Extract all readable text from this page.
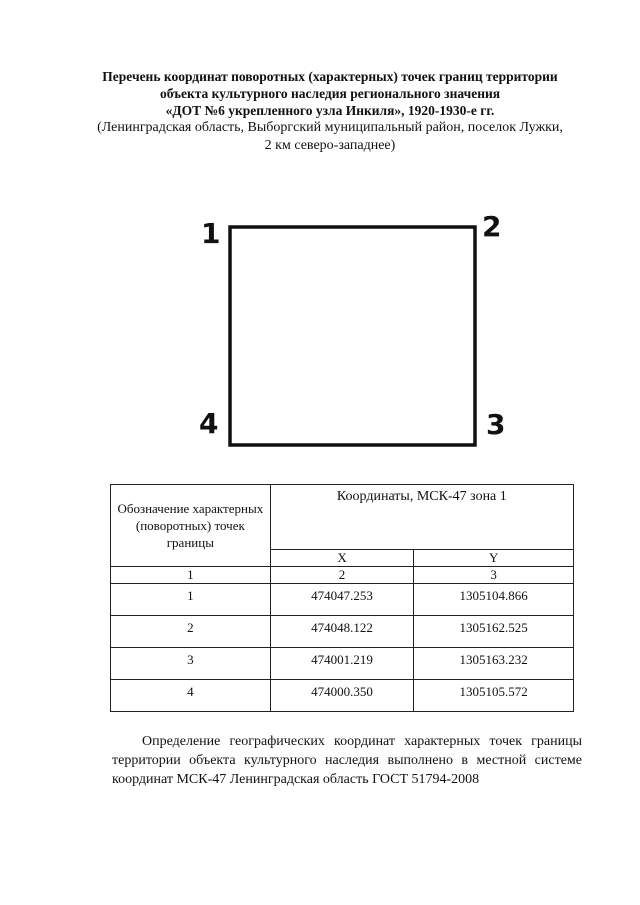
Перечень координат поворотных (характерных) точек границ территории
объекта культурного наследия регионального значения
«ДОТ №6 укрепленного узла Инкиля», 1920-1930-е гг.
(Ленинградская область, Выборгский муниципальный район, поселок Лужки,
2 км северо-западнее)
1	2
3
4
Обозначение характерных (поворотных) точек границы	Координаты, МСК-47 зона 1	
	X	Y
1	2	3
1	474047.253	1305104.866
2	474048.122	1305162.525
3	474001.219	1305163.232
4	474000.350	1305105.572

Определение географических координат характерных точек границы территории объекта культурного наследия выполнено в местной системе координат МСК-47 Ленинградская область ГОСТ 51794-2008
